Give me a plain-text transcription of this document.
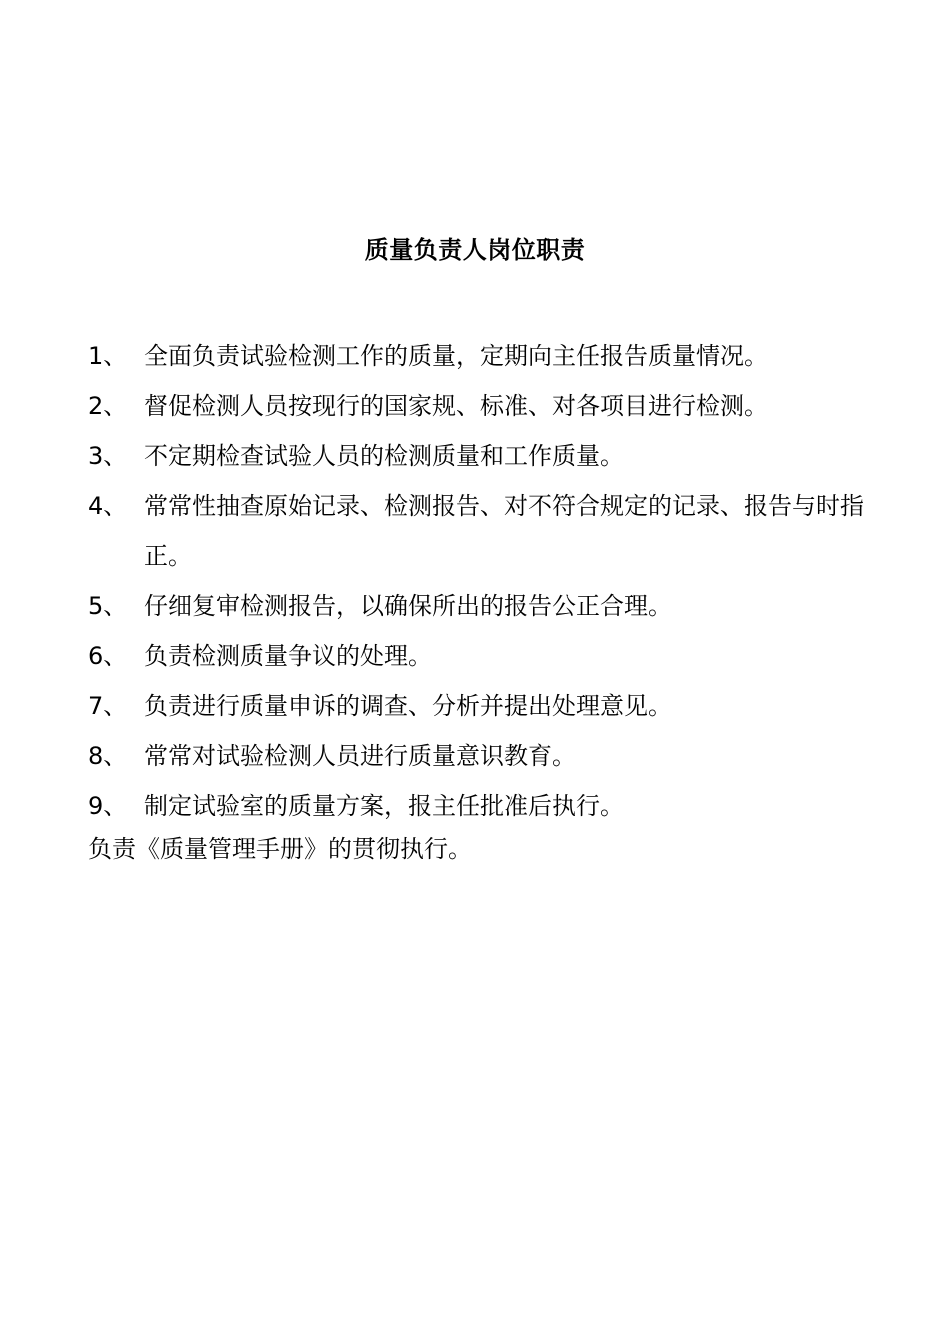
质量负责人岗位职责
1、 全面负责试验检测工作的质量，定期向主任报告质量情况。
2、 督促检测人员按现行的国家规、标准、对各项目进行检测。
3、 不定期检查试验人员的检测质量和工作质量。
4、 常常性抽查原始记录、检测报告、对不符合规定的记录、报告与时指正。
5、 仔细复审检测报告，以确保所出的报告公正合理。
6、 负责检测质量争议的处理。
7、 负责进行质量申诉的调查、分析并提出处理意见。
8、 常常对试验检测人员进行质量意识教育。
9、 制定试验室的质量方案，报主任批准后执行。
负责《质量管理手册》的贯彻执行。
